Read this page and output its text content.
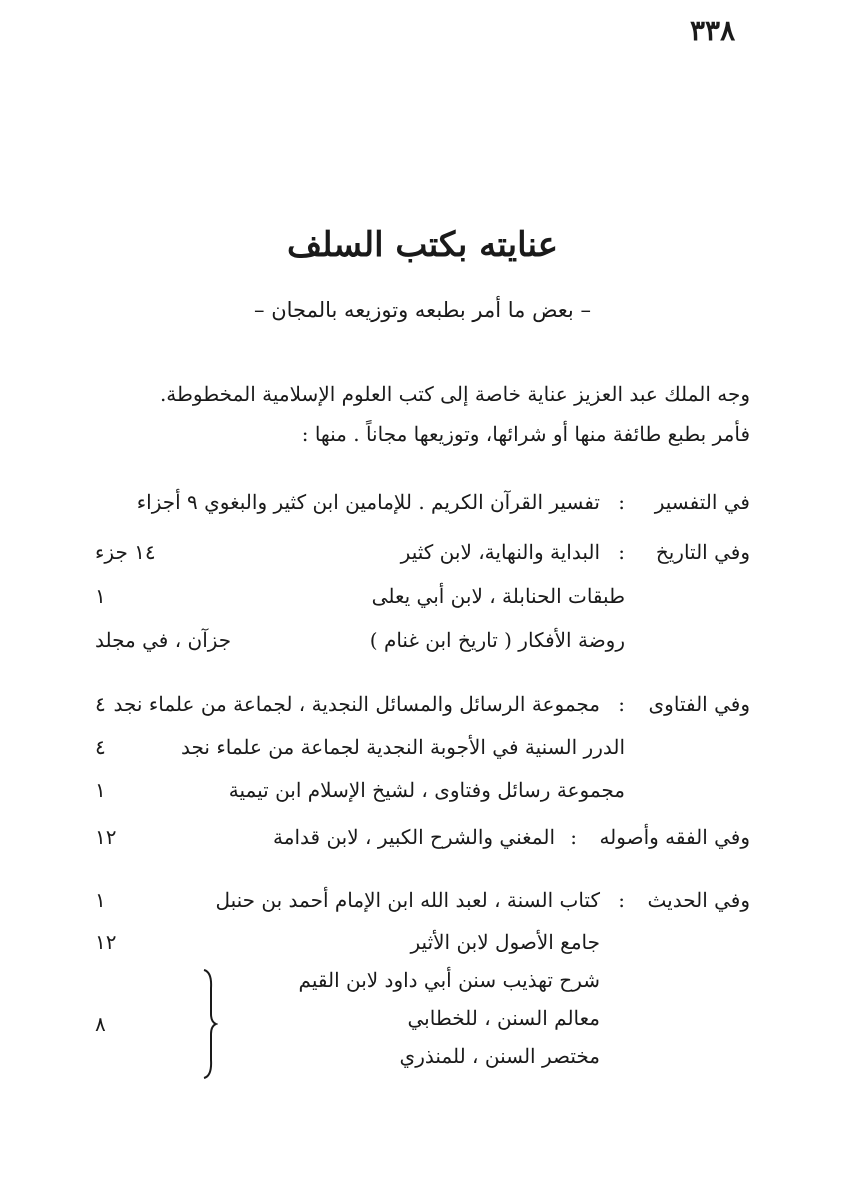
٣٣٨
عنايته بكتب السلف
– بعض ما أمر بطبعه وتوزيعه بالمجان –
وجه الملك عبد العزيز عناية خاصة إلى كتب العلوم الإسلامية المخطوطة.
فأمر بطبع طائفة منها أو شرائها، وتوزيعها مجاناً . منها :
في التفسير
:
تفسير القرآن الكريم . للإمامين ابن كثير والبغوي ٩ أجزاء
وفي التاريخ
:
البداية والنهاية، لابن كثير
١٤ جزء
طبقات الحنابلة ، لابن أبي يعلى
١
روضة الأفكار ( تاريخ ابن غنام )
جزآن ، في مجلد
وفي الفتاوى
:
مجموعة الرسائل والمسائل النجدية ، لجماعة من علماء نجد
٤
الدرر السنية في الأجوبة النجدية لجماعة من علماء نجد
٤
مجموعة رسائل وفتاوى ، لشيخ الإسلام ابن تيمية
١
وفي الفقه وأصوله
:
المغني والشرح الكبير ، لابن قدامة
١٢
وفي الحديث
:
كتاب السنة ، لعبد الله ابن الإمام أحمد بن حنبل
١
جامع الأصول لابن الأثير
١٢
شرح تهذيب سنن أبي داود لابن القيم
معالم السنن ، للخطابي
مختصر السنن ، للمنذري
٨
